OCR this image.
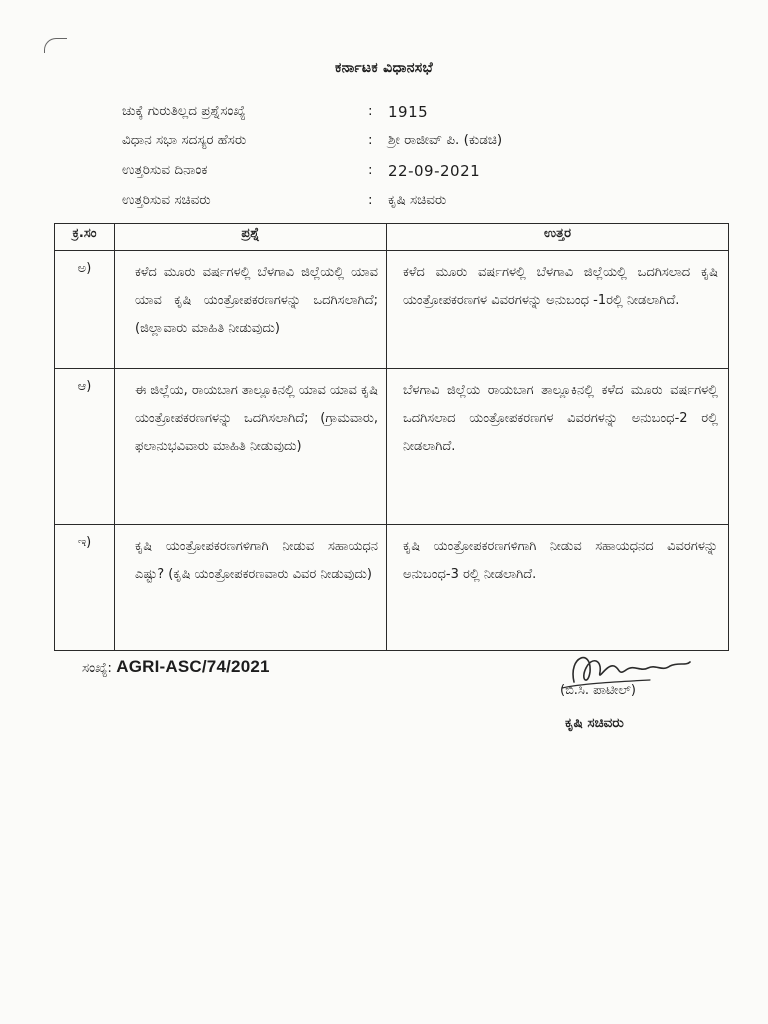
ಕರ್ನಾಟಕ ವಿಧಾನಸಭೆ
ಚುಕ್ಕೆ ಗುರುತಿಲ್ಲದ ಪ್ರಶ್ನೆಸಂಖ್ಯೆ	: 1915
ವಿಧಾನ ಸಭಾ ಸದಸ್ಯರ ಹೆಸರು	: ಶ್ರೀ ರಾಜೀವ್ ಪಿ. (ಕುಡಚಿ)
ಉತ್ತರಿಸುವ ದಿನಾಂಕ	: 22-09-2021
ಉತ್ತರಿಸುವ ಸಚಿವರು	: ಕೃಷಿ ಸಚಿವರು
ಕ್ರ.ಸಂ	ಪ್ರಶ್ನೆ	ಉತ್ತರ
ಅ)	ಕಳೆದ ಮೂರು ವರ್ಷಗಳಲ್ಲಿ ಬೆಳಗಾವಿ ಜಿಲ್ಲೆಯಲ್ಲಿ ಯಾವ ಯಾವ ಕೃಷಿ ಯಂತ್ರೋಪಕರಣಗಳನ್ನು ಒದಗಿಸಲಾಗಿದೆ; (ಜಿಲ್ಲಾವಾರು ಮಾಹಿತಿ ನೀಡುವುದು)	ಕಳೆದ ಮೂರು ವರ್ಷಗಳಲ್ಲಿ ಬೆಳಗಾವಿ ಜಿಲ್ಲೆಯಲ್ಲಿ ಒದಗಿಸಲಾದ ಕೃಷಿ ಯಂತ್ರೋಪಕರಣಗಳ ವಿವರಗಳನ್ನು ಅನುಬಂಧ -1ರಲ್ಲಿ ನೀಡಲಾಗಿದೆ.
ಆ)	ಈ ಜಿಲ್ಲೆಯ, ರಾಯಬಾಗ ತಾಲ್ಲೂಕಿನಲ್ಲಿ ಯಾವ ಯಾವ ಕೃಷಿ ಯಂತ್ರೋಪಕರಣಗಳನ್ನು ಒದಗಿಸಲಾಗಿದೆ; (ಗ್ರಾಮವಾರು, ಫಲಾನುಭವಿವಾರು ಮಾಹಿತಿ ನೀಡುವುದು)	ಬೆಳಗಾವಿ ಜಿಲ್ಲೆಯ ರಾಯಬಾಗ ತಾಲ್ಲೂಕಿನಲ್ಲಿ ಕಳೆದ ಮೂರು ವರ್ಷಗಳಲ್ಲಿ ಒದಗಿಸಲಾದ ಯಂತ್ರೋಪಕರಣಗಳ ವಿವರಗಳನ್ನು ಅನುಬಂಧ-2 ರಲ್ಲಿ ನೀಡಲಾಗಿದೆ.
ಇ)	ಕೃಷಿ ಯಂತ್ರೋಪಕರಣಗಳಿಗಾಗಿ ನೀಡುವ ಸಹಾಯಧನ ಎಷ್ಟು? (ಕೃಷಿ ಯಂತ್ರೋಪಕರಣವಾರು ವಿವರ ನೀಡುವುದು)	ಕೃಷಿ ಯಂತ್ರೋಪಕರಣಗಳಿಗಾಗಿ ನೀಡುವ ಸಹಾಯಧನದ ವಿವರಗಳನ್ನು ಅನುಬಂಧ-3 ರಲ್ಲಿ ನೀಡಲಾಗಿದೆ.
ಸಂಖ್ಯೆ: AGRI-ASC/74/2021
(ಬಿ.ಸಿ. ಪಾಟೀಲ್)
ಕೃಷಿ ಸಚಿವರು
